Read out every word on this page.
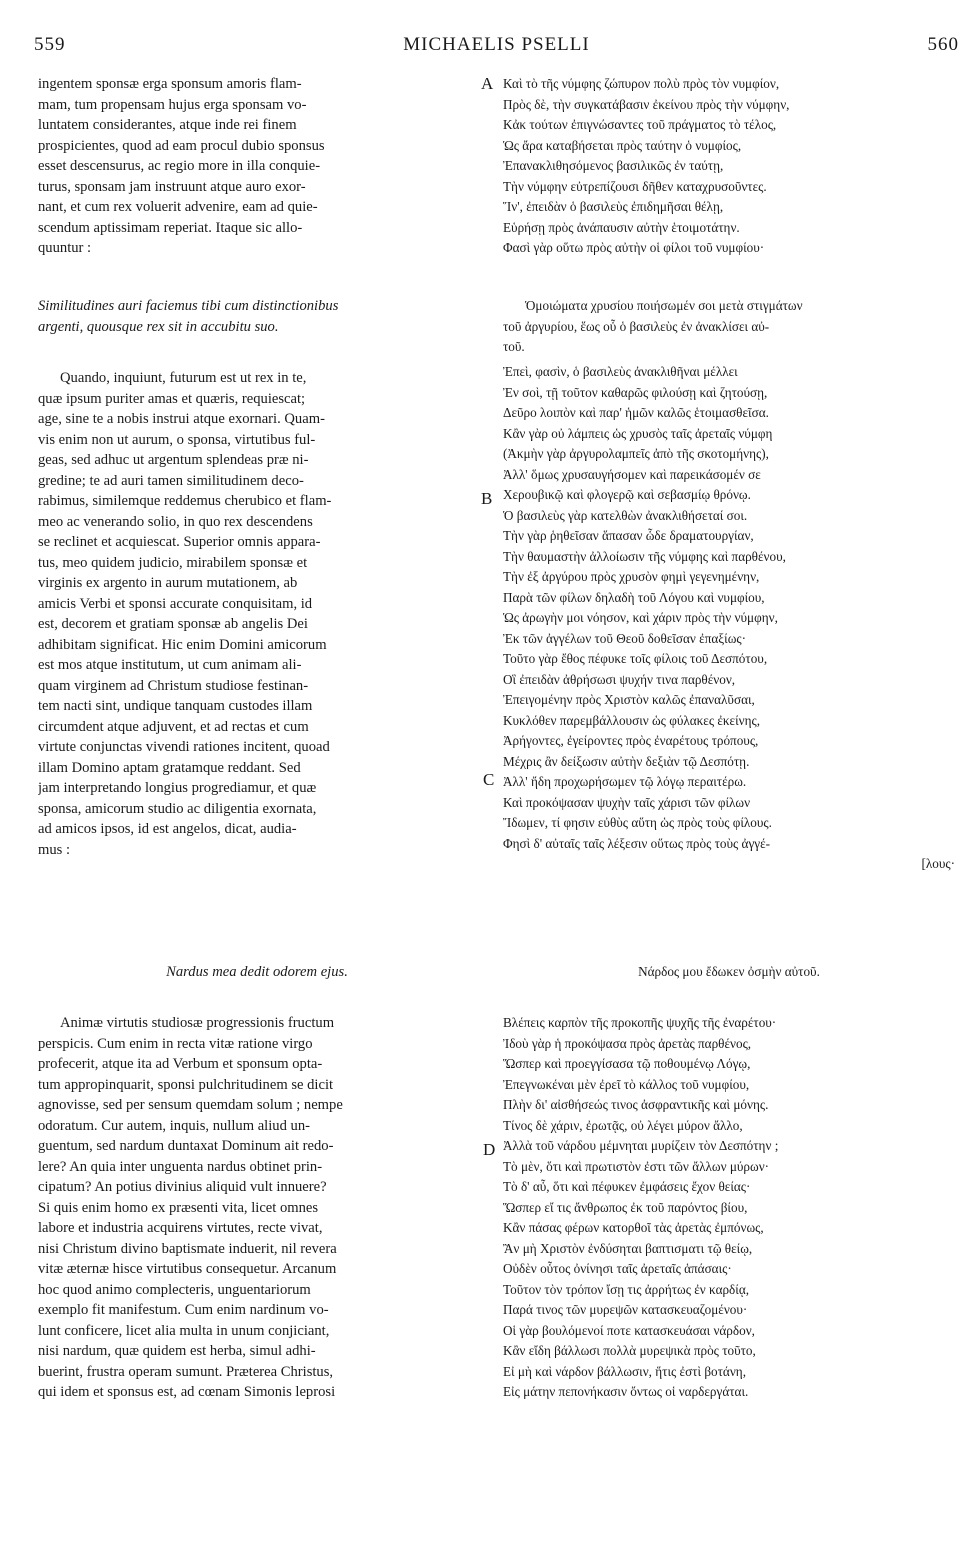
559	MICHAELIS PSELLI	560
A
B
C
D
ingentem sponsæ erga sponsum amoris flam-
mam, tum propensam hujus erga sponsam vo-
luntatem considerantes, atque inde rei finem
prospicientes, quod ad eam procul dubio sponsus
esset descensurus, ac regio more in illa conquie-
turus, sponsam jam instruunt atque auro exor-
nant, et cum rex voluerit advenire, eam ad quie-
scendum aptissimam reperiat. Itaque sic allo-
quuntur :
Similitudines auri faciemus tibi cum distinctionibus
argenti, quousque rex sit in accubitu suo.
Quando, inquiunt, futurum est ut rex in te,
quæ ipsum puriter amas et quæris, requiescat;
age, sine te a nobis instrui atque exornari. Quam-
vis enim non ut aurum, o sponsa, virtutibus ful-
geas, sed adhuc ut argentum splendeas præ ni-
gredine; te ad auri tamen similitudinem deco-
rabimus, similemque reddemus cherubico et flam-
meo ac venerando solio, in quo rex descendens
se reclinet et acquiescat. Superior omnis appara-
tus, meo quidem judicio, mirabilem sponsæ et
virginis ex argento in aurum mutationem, ab
amicis Verbi et sponsi accurate conquisitam, id
est, decorem et gratiam sponsæ ab angelis Dei
adhibitam significat. Hic enim Domini amicorum
est mos atque institutum, ut cum animam ali-
quam virginem ad Christum studiose festinan-
tem nacti sint, undique tanquam custodes illam
circumdent atque adjuvent, et ad rectas et cum
virtute conjunctas vivendi rationes incitent, quoad
illam Domino aptam gratamque reddant. Sed
jam interpretando longius progrediamur, et quæ
sponsa, amicorum studio ac diligentia exornata,
ad amicos ipsos, id est angelos, dicat, audia-
mus :
Nardus mea dedit odorem ejus.
Animæ virtutis studiosæ progressionis fructum
perspicis. Cum enim in recta vitæ ratione virgo
profecerit, atque ita ad Verbum et sponsum opta-
tum appropinquarit, sponsi pulchritudinem se dicit
agnovisse, sed per sensum quemdam solum ; nempe
odoratum. Cur autem, inquis, nullum aliud un-
guentum, sed nardum duntaxat Dominum ait redo-
lere? An quia inter unguenta nardus obtinet prin-
cipatum? An potius divinius aliquid vult innuere?
Si quis enim homo ex præsenti vita, licet omnes
labore et industria acquirens virtutes, recte vivat,
nisi Christum divino baptismate induerit, nil revera
vitæ æternæ hisce virtutibus consequetur. Arcanum
hoc quod animo complecteris, unguentariorum
exemplo fit manifestum. Cum enim nardinum vo-
lunt conficere, licet alia multa in unum conjiciant,
nisi nardum, quæ quidem est herba, simul adhi-
buerint, frustra operam sumunt. Præterea Christus,
qui idem et sponsus est, ad cœnam Simonis leprosi
Καὶ τὸ τῆς νύμφης ζώπυρον πολὺ πρὸς τὸν νυμφίον,
Πρὸς δὲ, τὴν συγκατάβασιν ἐκείνου πρὸς τὴν νύμφην,
Κἀκ τούτων ἐπιγνώσαντες τοῦ πράγματος τὸ τέλος,
Ὡς ἄρα καταβήσεται πρὸς ταύτην ὁ νυμφίος,
Ἐπανακλιθησόμενος βασιλικῶς ἐν ταύτῃ,
Τὴν νύμφην εὐτρεπίζουσι δῆθεν καταχρυσοῦντες.
Ἵν', ἐπειδὰν ὁ βασιλεὺς ἐπιδημῆσαι θέλῃ,
Εὑρήσῃ πρὸς ἀνάπαυσιν αὐτὴν ἑτοιμοτάτην.
Φασὶ γὰρ οὕτω πρὸς αὐτὴν οἱ φίλοι τοῦ νυμφίου·
Ὁμοιώματα χρυσίου ποιήσωμέν σοι μετὰ στιγμάτων
τοῦ ἀργυρίου, ἕως οὗ ὁ βασιλεὺς ἐν ἀνακλίσει αὐ-
τοῦ.
Ἐπεὶ, φασὶν, ὁ βασιλεὺς ἀνακλιθῆναι μέλλει
Ἐν σοὶ, τῇ τοῦτον καθαρῶς φιλούσῃ καὶ ζητούσῃ,
Δεῦρο λοιπὸν καὶ παρ' ἡμῶν καλῶς ἑτοιμασθεῖσα.
Κἂν γὰρ οὐ λάμπεις ὡς χρυσὸς ταῖς ἀρεταῖς νύμφη
(Ἀκμὴν γὰρ ἀργυρολαμπεῖς ἀπὸ τῆς σκοτομήνης),
Ἀλλ' ὅμως χρυσαυγήσομεν καὶ παρεικάσομέν σε
Χερουβικῷ καὶ φλογερῷ καὶ σεβασμίῳ θρόνῳ.
Ὁ βασιλεὺς γὰρ κατελθὼν ἀνακλιθήσεταί σοι.
Τὴν γὰρ ῥηθεῖσαν ἅπασαν ὧδε δραματουργίαν,
Τὴν θαυμαστὴν ἀλλοίωσιν τῆς νύμφης καὶ παρθένου,
Τὴν ἐξ ἀργύρου πρὸς χρυσὸν φημὶ γεγενημένην,
Παρὰ τῶν φίλων δηλαδὴ τοῦ Λόγου καὶ νυμφίου,
Ὡς ἀρωγὴν μοι νόησον, καὶ χάριν πρὸς τὴν νύμφην,
Ἐκ τῶν ἀγγέλων τοῦ Θεοῦ δοθεῖσαν ἐπαξίως·
Τοῦτο γὰρ ἔθος πέφυκε τοῖς φίλοις τοῦ Δεσπότου,
Οἳ ἐπειδὰν ἀθρήσωσι ψυχήν τινα παρθένον,
Ἐπειγομένην πρὸς Χριστὸν καλῶς ἐπαναλῦσαι,
Κυκλόθεν παρεμβάλλουσιν ὡς φύλακες ἐκείνης,
Ἀρήγοντες, ἐγείροντες πρὸς ἐναρέτους τρόπους,
Μέχρις ἂν δείξωσιν αὐτὴν δεξιὰν τῷ Δεσπότῃ.
Ἀλλ' ἤδη προχωρήσωμεν τῷ λόγῳ περαιτέρω.
Καὶ προκόψασαν ψυχὴν ταῖς χάρισι τῶν φίλων
Ἴδωμεν, τί φησιν εὐθὺς αὕτη ὡς πρὸς τοὺς φίλους.
Φησὶ δ' αὐταῖς ταῖς λέξεσιν οὕτως πρὸς τοὺς ἀγγέ-
[λους·
Νάρδος μου ἔδωκεν ὀσμὴν αὐτοῦ.
Βλέπεις καρπὸν τῆς προκοπῆς ψυχῆς τῆς ἐναρέτου·
Ἰδοὺ γὰρ ἡ προκόψασα πρὸς ἀρετὰς παρθένος,
Ὥσπερ καὶ προεγγίσασα τῷ ποθουμένῳ Λόγῳ,
Ἐπεγνωκέναι μὲν ἐρεῖ τὸ κάλλος τοῦ νυμφίου,
Πλὴν δι' αἰσθήσεώς τινος ἀσφραντικῆς καὶ μόνης.
Τίνος δὲ χάριν, ἐρωτᾷς, οὐ λέγει μύρον ἄλλο,
Ἀλλὰ τοῦ νάρδου μέμνηται μυρίζειν τὸν Δεσπότην ;
Τὸ μὲν, ὅτι καὶ πρωτιστὸν ἐστι τῶν ἄλλων μύρων·
Τὸ δ' αὖ, ὅτι καὶ πέφυκεν ἐμφάσεις ἔχον θείας·
Ὥσπερ εἴ τις ἄνθρωπος ἐκ τοῦ παρόντος βίου,
Κἂν πάσας φέρων κατορθοῖ τὰς ἀρετὰς ἐμπόνως,
Ἂν μὴ Χριστὸν ἐνδύσηται βαπτισματι τῷ θείῳ,
Οὐδὲν οὗτος ὀνίνησι ταῖς ἀρεταῖς ἁπάσαις·
Τοῦτον τὸν τρόπον ἴσῃ τις ἀρρήτως ἐν καρδίᾳ,
Παρά τινος τῶν μυρεψῶν κατασκευαζομένου·
Οἱ γὰρ βουλόμενοί ποτε κατασκευάσαι νάρδον,
Κἂν εἴδη βάλλωσι πολλὰ μυρεψικὰ πρὸς τοῦτο,
Εἰ μὴ καὶ νάρδον βάλλωσιν, ἥτις ἐστὶ βοτάνη,
Εἰς μάτην πεπονήκασιν ὄντως οἱ ναρδεργάται.
